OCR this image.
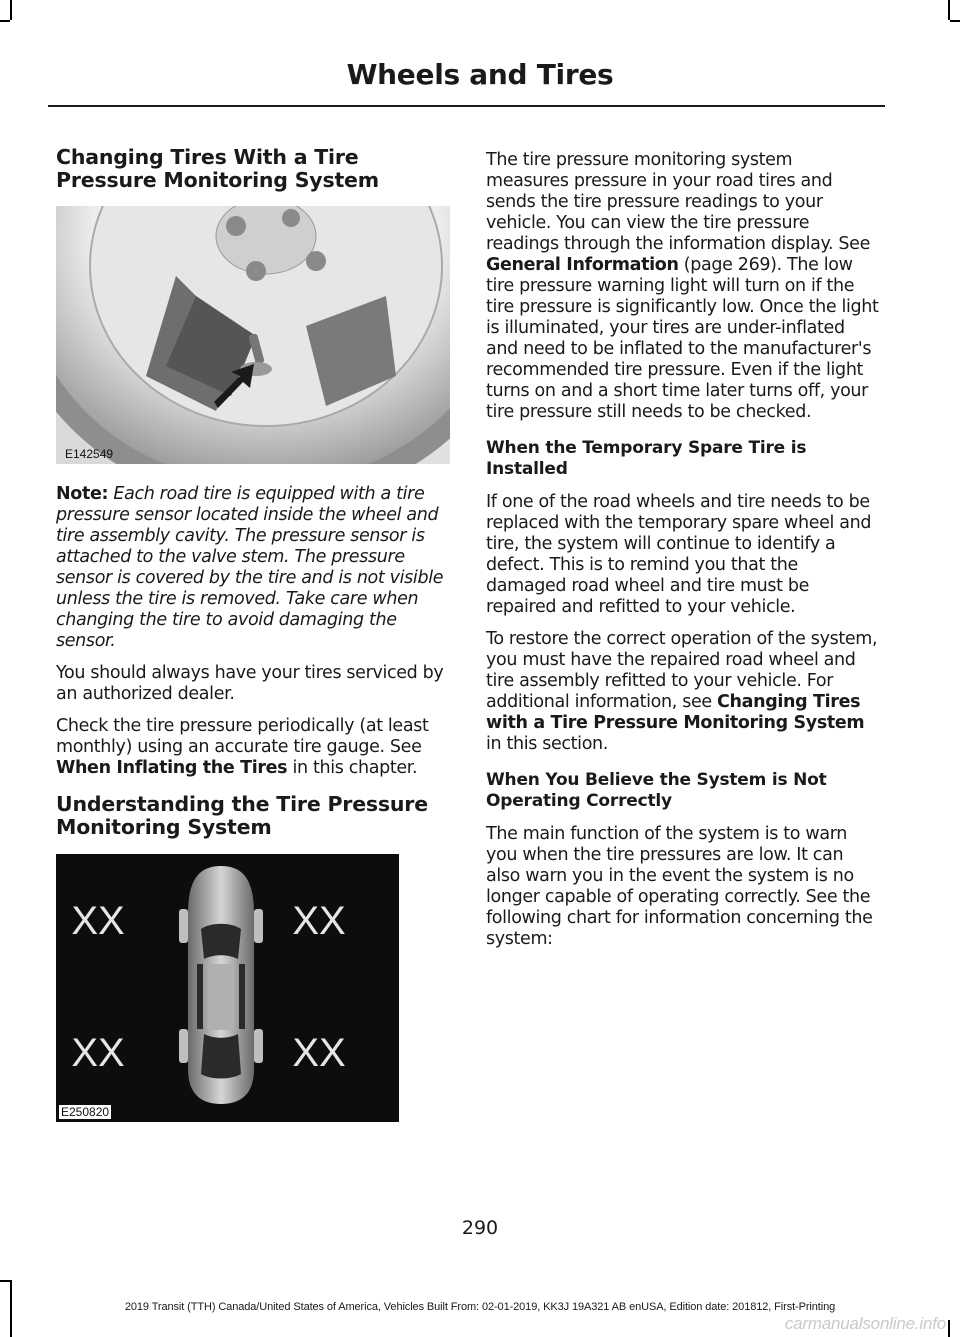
Wheels and Tires
Changing Tires With a Tire Pressure Monitoring System
E142549

Note: Each road tire is equipped with a tire pressure sensor located inside the wheel and tire assembly cavity. The pressure sensor is attached to the valve stem. The pressure sensor is covered by the tire and is not visible unless the tire is removed. Take care when changing the tire to avoid damaging the sensor.

You should always have your tires serviced by an authorized dealer.

Check the tire pressure periodically (at least monthly) using an accurate tire gauge. See When Inflating the Tires in this chapter.

Understanding the Tire Pressure Monitoring System
XX	XX
XX	XX
E250820

The tire pressure monitoring system measures pressure in your road tires and sends the tire pressure readings to your vehicle. You can view the tire pressure readings through the information display. See General Information (page 269). The low tire pressure warning light will turn on if the tire pressure is significantly low. Once the light is illuminated, your tires are under-inflated and need to be inflated to the manufacturer's recommended tire pressure. Even if the light turns on and a short time later turns off, your tire pressure still needs to be checked.

When the Temporary Spare Tire is Installed

If one of the road wheels and tire needs to be replaced with the temporary spare wheel and tire, the system will continue to identify a defect. This is to remind you that the damaged road wheel and tire must be repaired and refitted to your vehicle.

To restore the correct operation of the system, you must have the repaired road wheel and tire assembly refitted to your vehicle. For additional information, see Changing Tires with a Tire Pressure Monitoring System in this section.

When You Believe the System is Not Operating Correctly

The main function of the system is to warn you when the tire pressures are low. It can also warn you in the event the system is no longer capable of operating correctly. See the following chart for information concerning the system:

290
2019 Transit (TTH) Canada/United States of America, Vehicles Built From: 02-01-2019, KK3J 19A321 AB enUSA, Edition date: 201812, First-Printing
carmanualsonline.info
